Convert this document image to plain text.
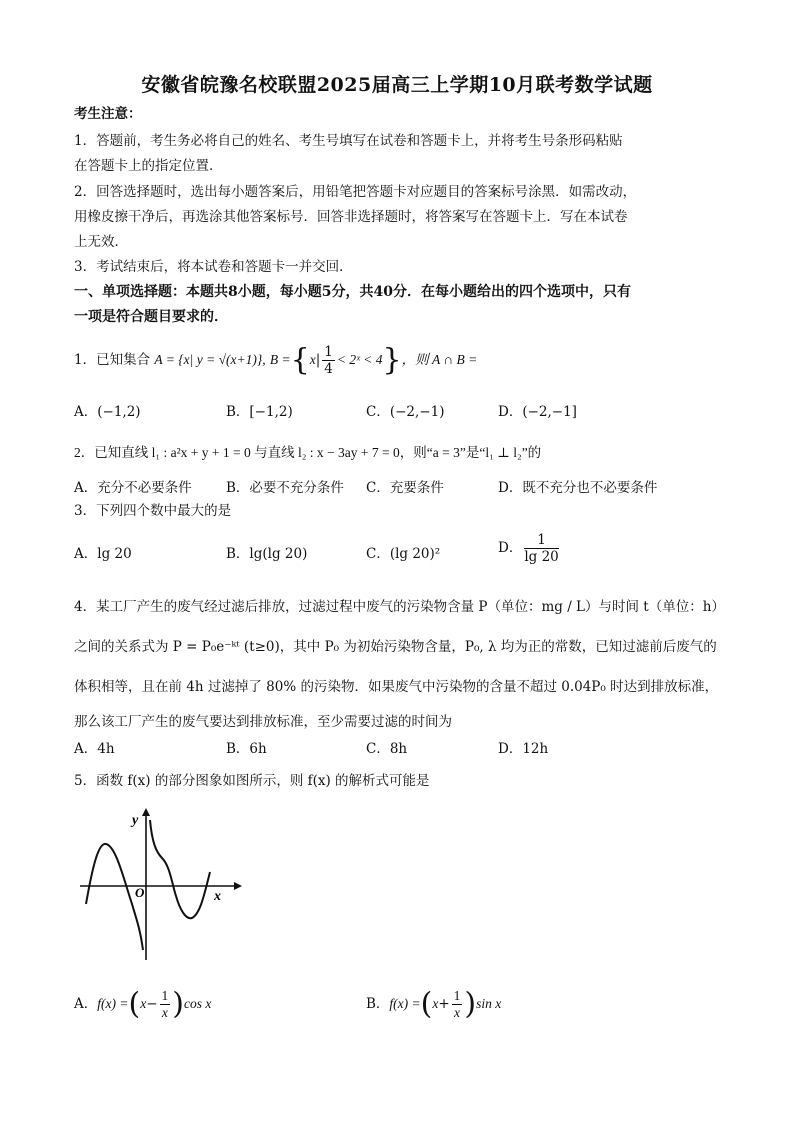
安徽省皖豫名校联盟2025届高三上学期10月联考数学试题
考生注意：
1．答题前，考生务必将自己的姓名、考生号填写在试卷和答题卡上，并将考生号条形码粘贴
在答题卡上的指定位置．
2．回答选择题时，选出每小题答案后，用铅笔把答题卡对应题目的答案标号涂黑．如需改动，
用橡皮擦干净后，再选涂其他答案标号．回答非选择题时，将答案写在答题卡上．写在本试卷
上无效．
3．考试结束后，将本试卷和答题卡一并交回．
一、单项选择题：本题共8小题，每小题5分，共40分．在每小题给出的四个选项中，只有
一项是符合题目要求的．
1．已知集合 A = {x| y = √(x+1)}, $B =\{x| \frac{1}{4}$ < 2ˣ < 4}，则 A ∩ B =
A．(−1,2)	B．[−1,2)	C．(−2,−1)	D．(−2,−1]
2．已知直线 l₁ : a²x + y + 1 = 0 与直线 l₂ : x − 3ay + 7 = 0，则“a = 3”是“l₁ ⊥ l₂”的
A．充分不必要条件	B．必要不充分条件 C．充要条件	D．既不充分也不必要条件
3．下列四个数中最大的是
A．lg 20	B．lg(lg 20)	C．(lg 20)²	D． $\frac{1}{\lg 20}$
4．某工厂产生的废气经过滤后排放，过滤过程中废气的污染物含量 P（单位：mg / L）与时间 t（单位：h）
之间的关系式为 P = P₀e⁻ᵏᵗ (t≥0)，其中 P₀ 为初始污染物含量，P₀, λ 均为正的常数，已知过滤前后废气的
体积相等，且在前 4h 过滤掉了 80% 的污染物．如果废气中污染物的含量不超过 0.04P₀ 时达到排放标准，
那么该工厂产生的废气要达到排放标准，至少需要过滤的时间为
A．4h	B．6h	C．8h	D．12h
5．函数 f(x) 的部分图象如图所示，则 f(x) 的解析式可能是
y
x
O
A．$f(x) =(x- \frac{1}{x} )\cos$ x	B．$f(x) =(x+ \frac{1}{x} )\sin$ x
